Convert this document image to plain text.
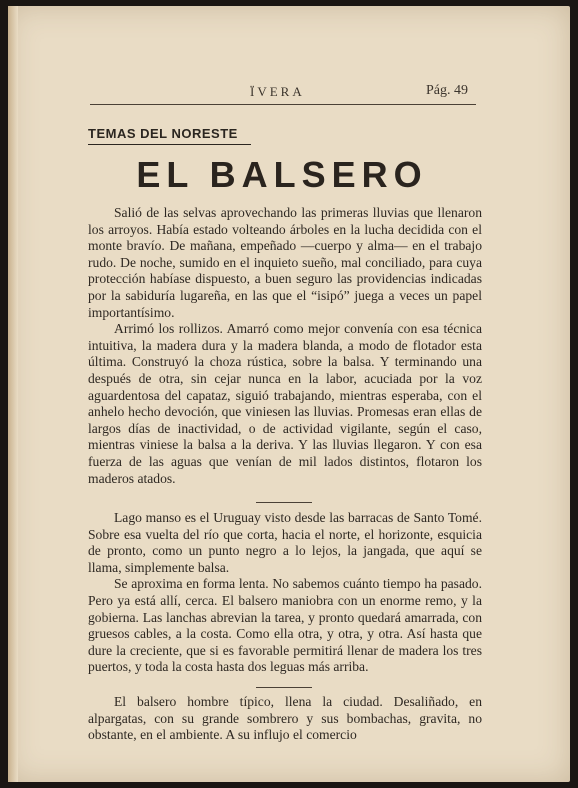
ÏVERA	Pág. 49
TEMAS DEL NORESTE
EL BALSERO

Salió de las selvas aprovechando las primeras lluvias que llenaron los arroyos. Había estado volteando árboles en la lucha decidida con el monte bravío. De mañana, empeñado —cuerpo y alma— en el trabajo rudo. De noche, sumido en el inquieto sueño, mal conciliado, para cuya protección habíase dispuesto, a buen seguro las providencias indicadas por la sabiduría lugareña, en las que el “isipó” juega a veces un papel importantísimo.

Arrimó los rollizos. Amarró como mejor convenía con esa técnica intuitiva, la madera dura y la madera blanda, a modo de flotador esta última. Construyó la choza rústica, sobre la balsa. Y terminando una después de otra, sin cejar nunca en la labor, acuciada por la voz aguardentosa del capataz, siguió trabajando, mientras esperaba, con el anhelo hecho devoción, que viniesen las lluvias. Promesas eran ellas de largos días de inactividad, o de actividad vigilante, según el caso, mientras viniese la balsa a la deriva. Y las lluvias llegaron. Y con esa fuerza de las aguas que venían de mil lados distintos, flotaron los maderos atados.

Lago manso es el Uruguay visto desde las barracas de Santo Tomé. Sobre esa vuelta del río que corta, hacia el norte, el horizonte, esquicia de pronto, como un punto negro a lo lejos, la jangada, que aquí se llama, simplemente balsa.

Se aproxima en forma lenta. No sabemos cuánto tiempo ha pasado. Pero ya está allí, cerca. El balsero maniobra con un enorme remo, y la gobierna. Las lanchas abrevian la tarea, y pronto quedará amarrada, con gruesos cables, a la costa. Como ella otra, y otra, y otra. Así hasta que dure la creciente, que si es favorable permitirá llenar de madera los tres puertos, y toda la costa hasta dos leguas más arriba.

El balsero hombre típico, llena la ciudad. Desaliñado, en alpargatas, con su grande sombrero y sus bombachas, gravita, no obstante, en el ambiente. A su influjo el comercio
